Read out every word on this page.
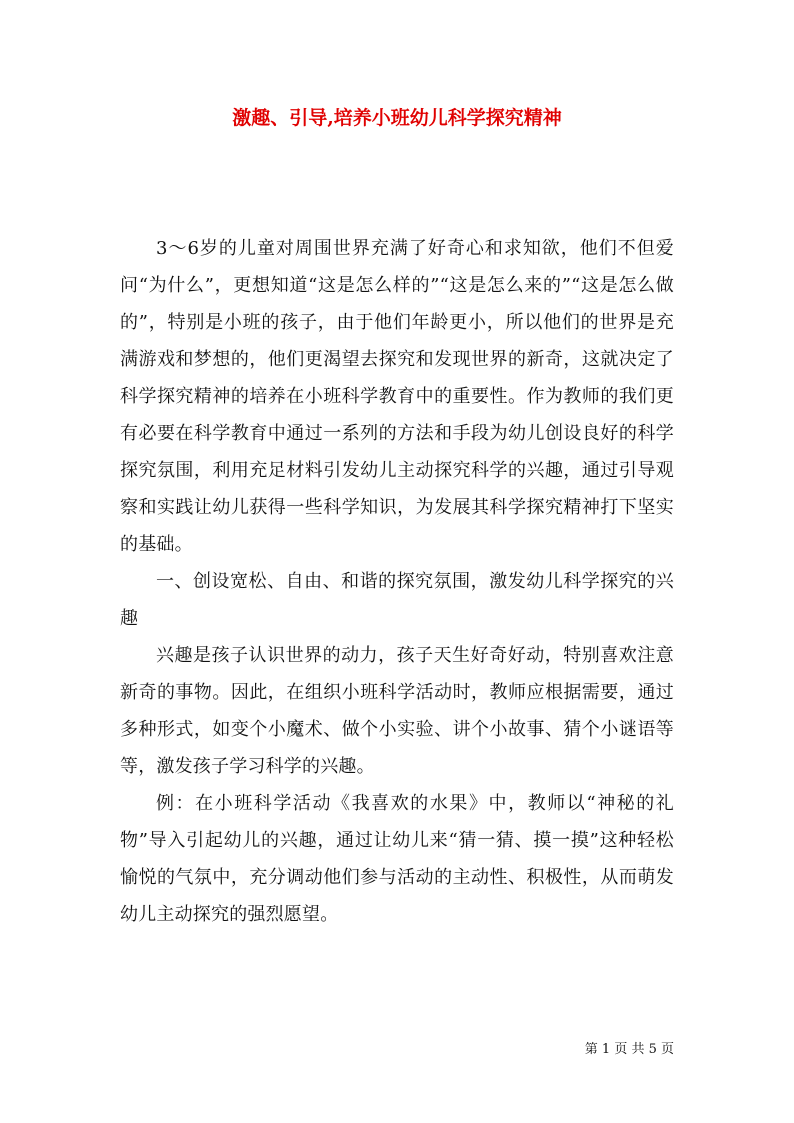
激趣、引导,培养小班幼儿科学探究精神

3～6岁的儿童对周围世界充满了好奇心和求知欲，他们不但爱问“为什么”，更想知道“这是怎么样的”“这是怎么来的”“这是怎么做的”，特别是小班的孩子，由于他们年龄更小，所以他们的世界是充满游戏和梦想的，他们更渴望去探究和发现世界的新奇，这就决定了科学探究精神的培养在小班科学教育中的重要性。作为教师的我们更有必要在科学教育中通过一系列的方法和手段为幼儿创设良好的科学探究氛围，利用充足材料引发幼儿主动探究科学的兴趣，通过引导观察和实践让幼儿获得一些科学知识，为发展其科学探究精神打下坚实的基础。

一、创设宽松、自由、和谐的探究氛围，激发幼儿科学探究的兴趣

兴趣是孩子认识世界的动力，孩子天生好奇好动，特别喜欢注意新奇的事物。因此，在组织小班科学活动时，教师应根据需要，通过多种形式，如变个小魔术、做个小实验、讲个小故事、猜个小谜语等等，激发孩子学习科学的兴趣。

例：在小班科学活动《我喜欢的水果》中，教师以“神秘的礼物”导入引起幼儿的兴趣，通过让幼儿来“猜一猜、摸一摸”这种轻松愉悦的气氛中，充分调动他们参与活动的主动性、积极性，从而萌发幼儿主动探究的强烈愿望。

第 1 页 共 5 页
